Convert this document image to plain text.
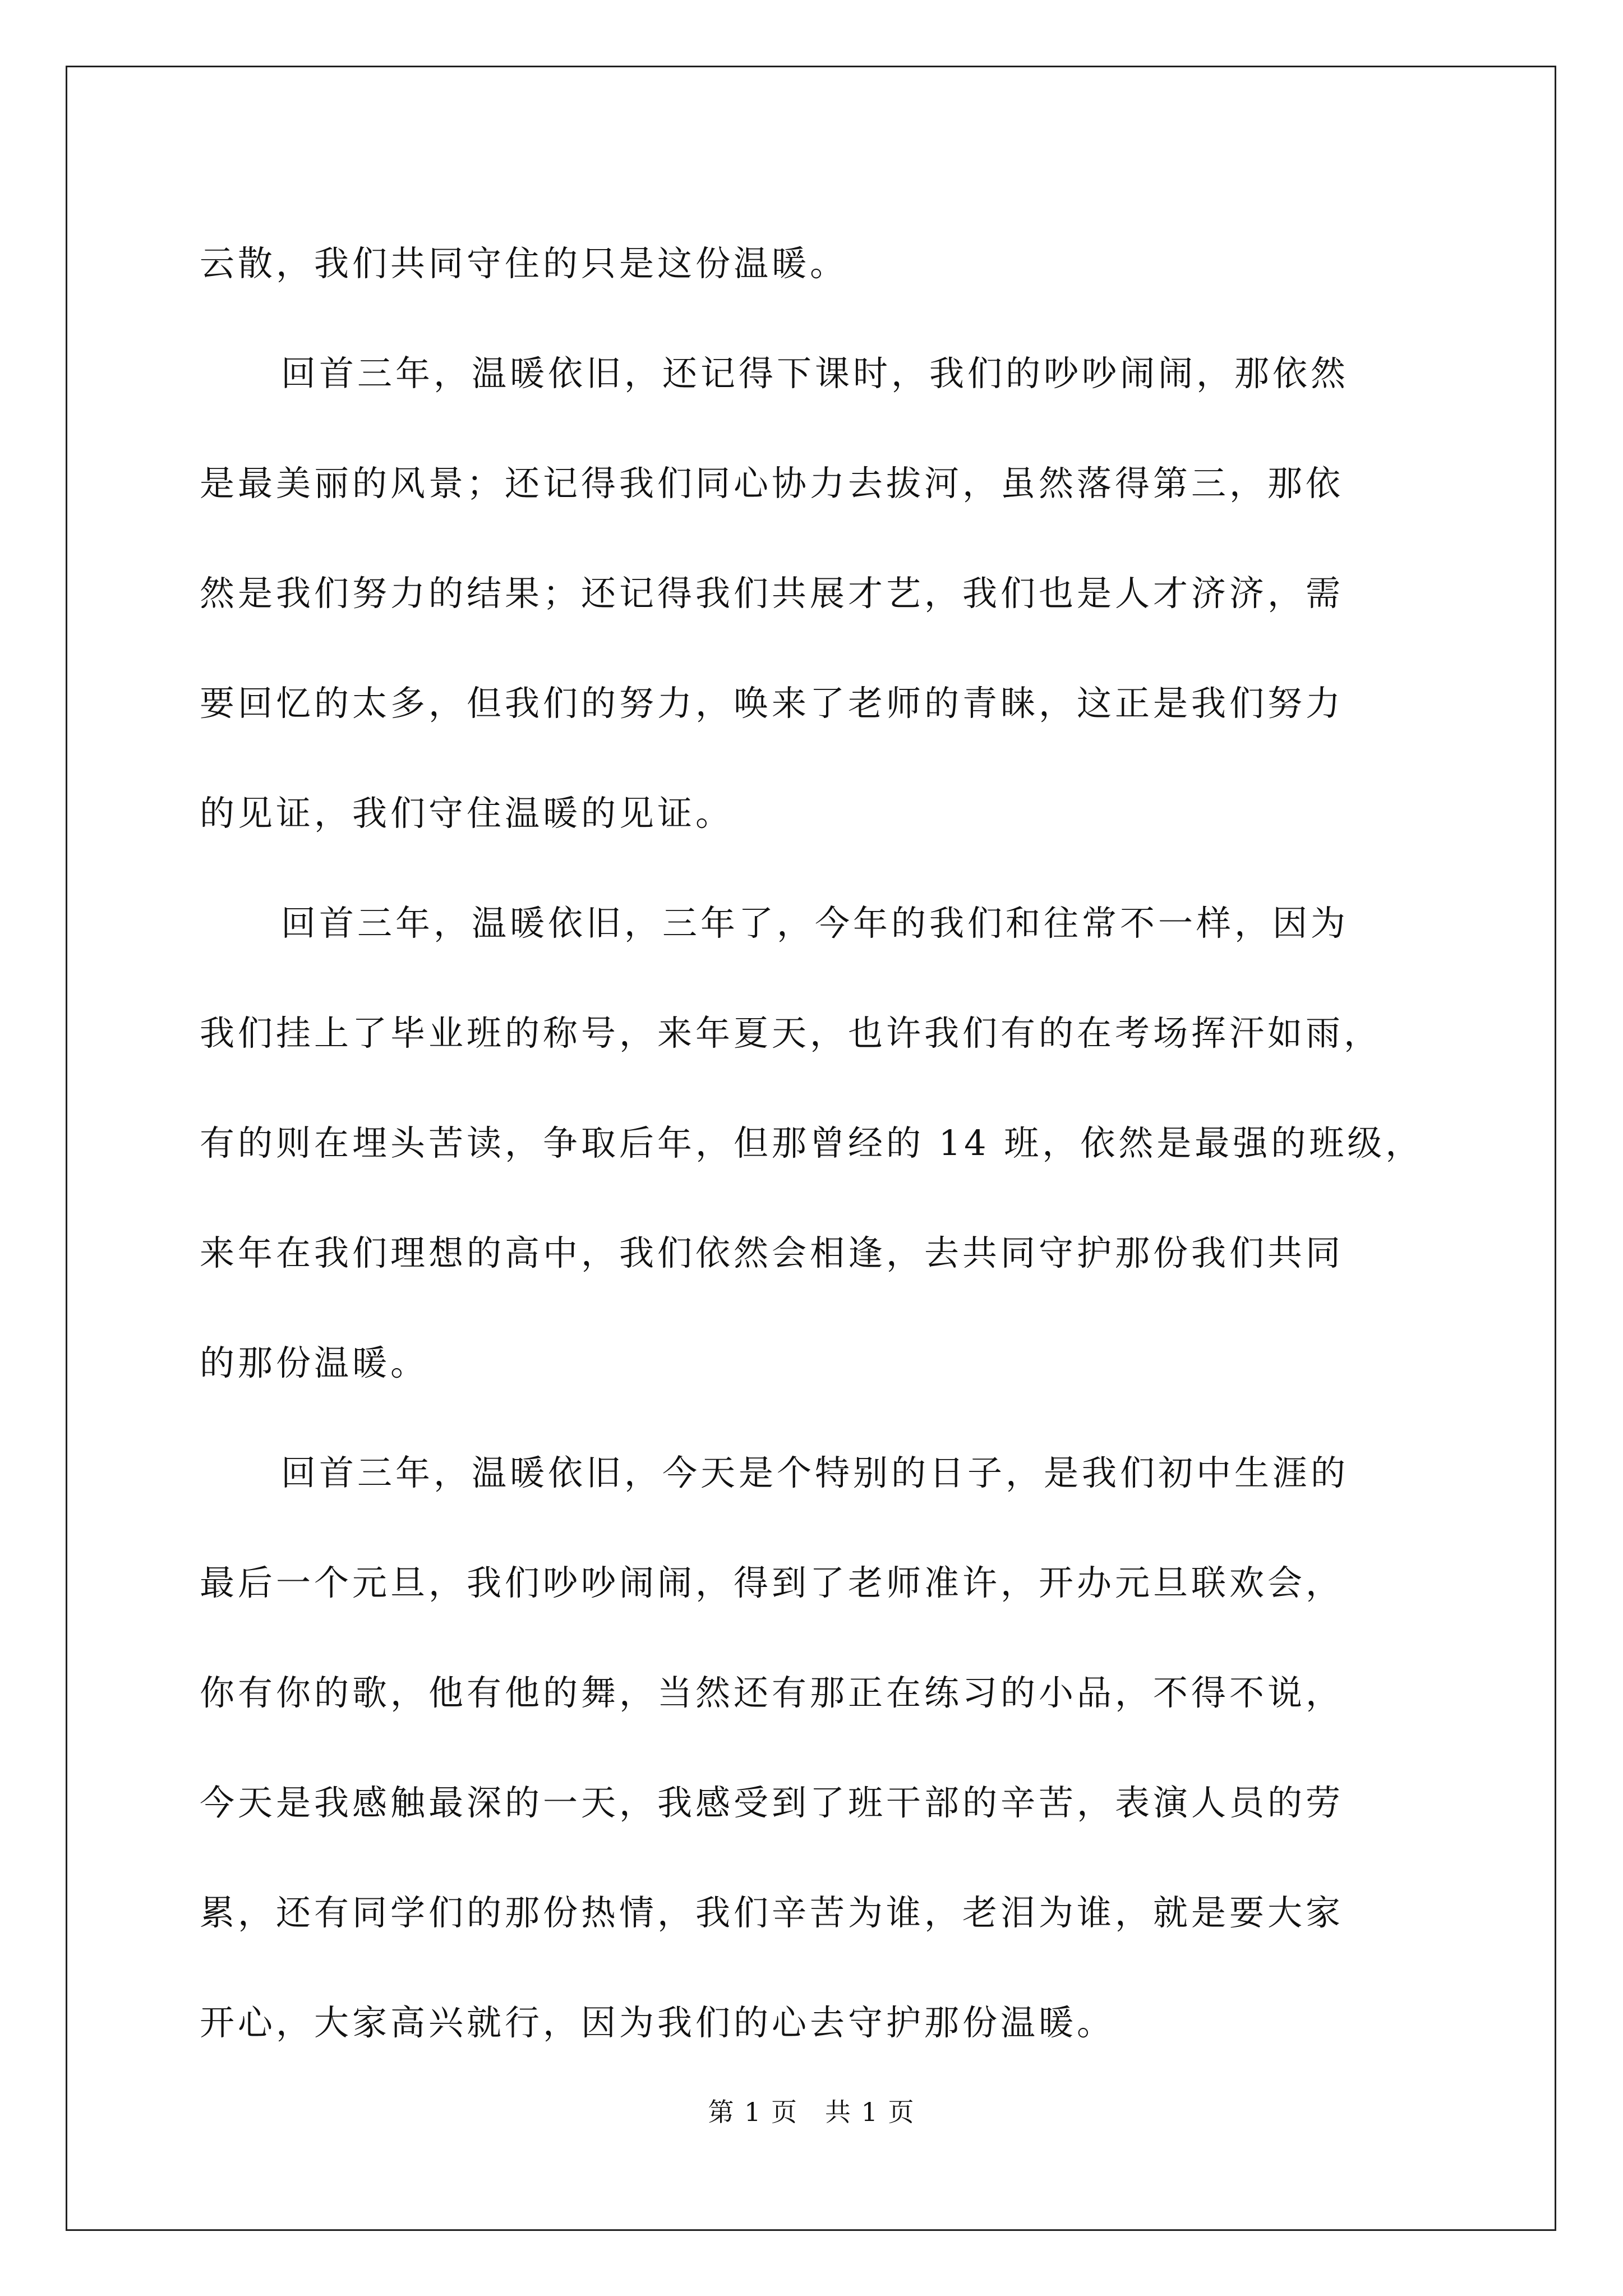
云散，我们共同守住的只是这份温暖。
回首三年，温暖依旧，还记得下课时，我们的吵吵闹闹，那依然
是最美丽的风景；还记得我们同心协力去拔河，虽然落得第三，那依
然是我们努力的结果；还记得我们共展才艺，我们也是人才济济，需
要回忆的太多，但我们的努力，唤来了老师的青睐，这正是我们努力
的见证，我们守住温暖的见证。
回首三年，温暖依旧，三年了，今年的我们和往常不一样，因为
我们挂上了毕业班的称号，来年夏天，也许我们有的在考场挥汗如雨，
有的则在埋头苦读，争取后年，但那曾经的 14 班，依然是最强的班级，
来年在我们理想的高中，我们依然会相逢，去共同守护那份我们共同
的那份温暖。
回首三年，温暖依旧，今天是个特别的日子，是我们初中生涯的
最后一个元旦，我们吵吵闹闹，得到了老师准许，开办元旦联欢会，
你有你的歌，他有他的舞，当然还有那正在练习的小品，不得不说，
今天是我感触最深的一天，我感受到了班干部的辛苦，表演人员的劳
累，还有同学们的那份热情，我们辛苦为谁，老泪为谁，就是要大家
开心，大家高兴就行，因为我们的心去守护那份温暖。
第 1 页 共 1 页
